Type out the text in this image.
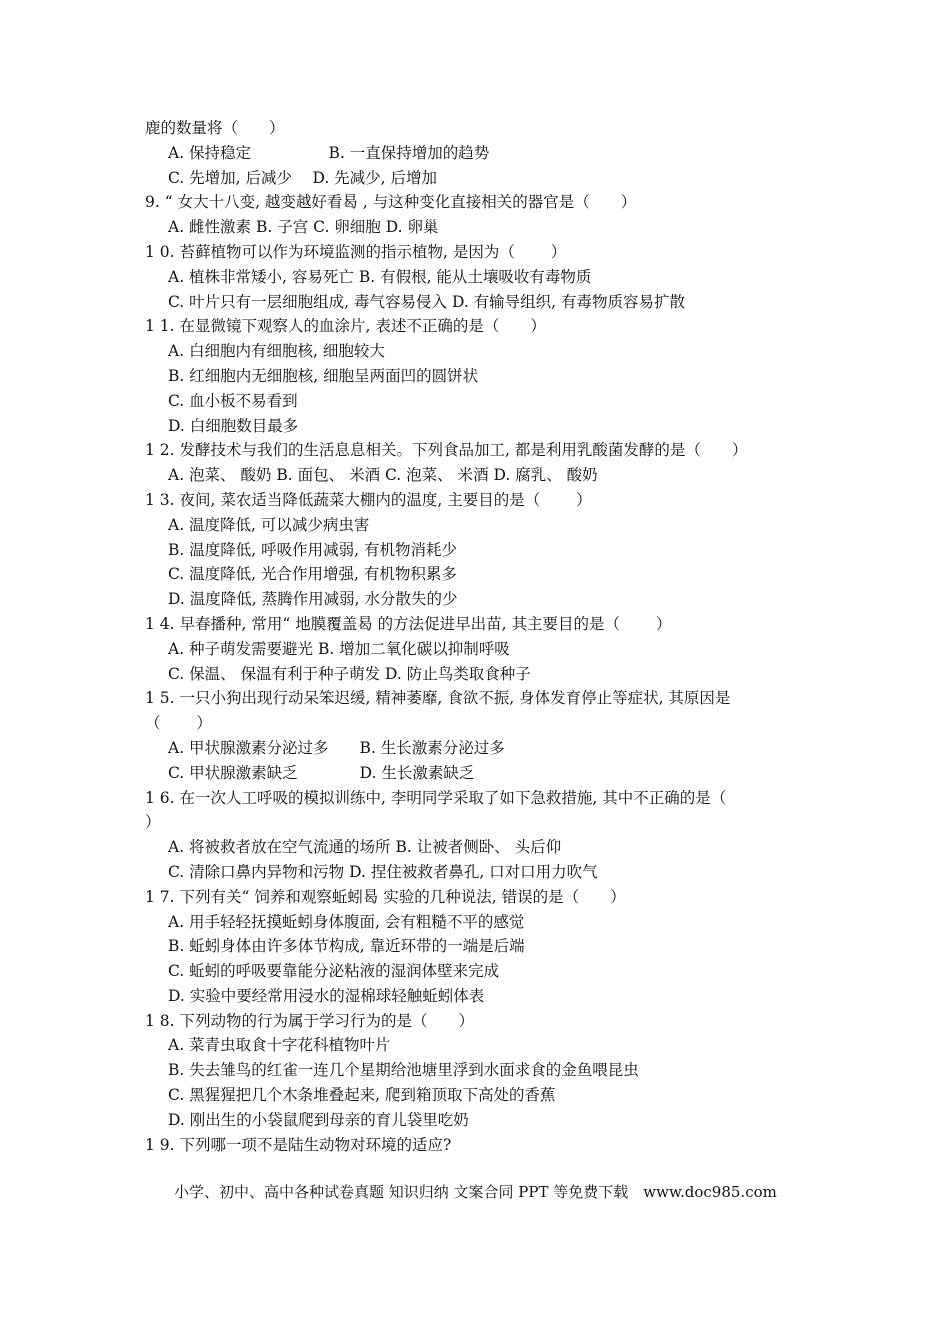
鹿的数量将（　　）
A. 保持稳定　　　　　B. 一直保持增加的趋势
C. 先增加, 后减少　 D. 先减少, 后增加
9. “ 女大十八变, 越变越好看曷 , 与这种变化直接相关的器官是（　　）
A. 雌性激素 B. 子宫 C. 卵细胞 D. 卵巢
1 0. 苔藓植物可以作为环境监测的指示植物, 是因为（　　 ）
A. 植株非常矮小, 容易死亡 B. 有假根, 能从土壤吸收有毒物质
C. 叶片只有一层细胞组成, 毒气容易侵入 D. 有输导组织, 有毒物质容易扩散
1 1. 在显微镜下观察人的血涂片, 表述不正确的是（　　）
A. 白细胞内有细胞核, 细胞较大
B. 红细胞内无细胞核, 细胞呈两面凹的圆饼状
C. 血小板不易看到
D. 白细胞数目最多
1 2. 发酵技术与我们的生活息息相关。下列食品加工, 都是利用乳酸菌发酵的是（　　）
A. 泡菜、 酸奶 B. 面包、 米酒 C. 泡菜、 米酒 D. 腐乳、 酸奶
1 3. 夜间, 菜农适当降低蔬菜大棚内的温度, 主要目的是（　　 ）
A. 温度降低, 可以减少病虫害
B. 温度降低, 呼吸作用减弱, 有机物消耗少
C. 温度降低, 光合作用增强, 有机物积累多
D. 温度降低, 蒸腾作用减弱, 水分散失的少
1 4. 早春播种, 常用“ 地膜覆盖曷 的方法促进早出苗, 其主要目的是（　　 ）
A. 种子萌发需要避光 B. 增加二氧化碳以抑制呼吸
C. 保温、 保温有利于种子萌发 D. 防止鸟类取食种子
1 5. 一只小狗出现行动呆笨迟缓, 精神萎靡, 食欲不振, 身体发育停止等症状, 其原因是
（　　 ）
A. 甲状腺激素分泌过多　　B. 生长激素分泌过多
C. 甲状腺激素缺乏　　　　D. 生长激素缺乏
1 6. 在一次人工呼吸的模拟训练中, 李明同学采取了如下急救措施, 其中不正确的是（
）
A. 将被救者放在空气流通的场所 B. 让被者侧卧、 头后仰
C. 清除口鼻内异物和污物 D. 捏住被救者鼻孔, 口对口用力吹气
1 7. 下列有关“ 饲养和观察蚯蚓曷 实验的几种说法, 错误的是（　　）
A. 用手轻轻抚摸蚯蚓身体腹面, 会有粗糙不平的感觉
B. 蚯蚓身体由许多体节构成, 靠近环带的一端是后端
C. 蚯蚓的呼吸要靠能分泌粘液的湿润体壁来完成
D. 实验中要经常用浸水的湿棉球轻触蚯蚓体表
1 8. 下列动物的行为属于学习行为的是（　　）
A. 菜青虫取食十字花科植物叶片
B. 失去雏鸟的红雀一连几个星期给池塘里浮到水面求食的金鱼喂昆虫
C. 黑猩猩把几个木条堆叠起来, 爬到箱顶取下高处的香蕉
D. 刚出生的小袋鼠爬到母亲的育儿袋里吃奶
1 9. 下列哪一项不是陆生动物对环境的适应?
小学、初中、高中各种试卷真题 知识归纳 文案合同 PPT 等免费下载　www.doc985.com
